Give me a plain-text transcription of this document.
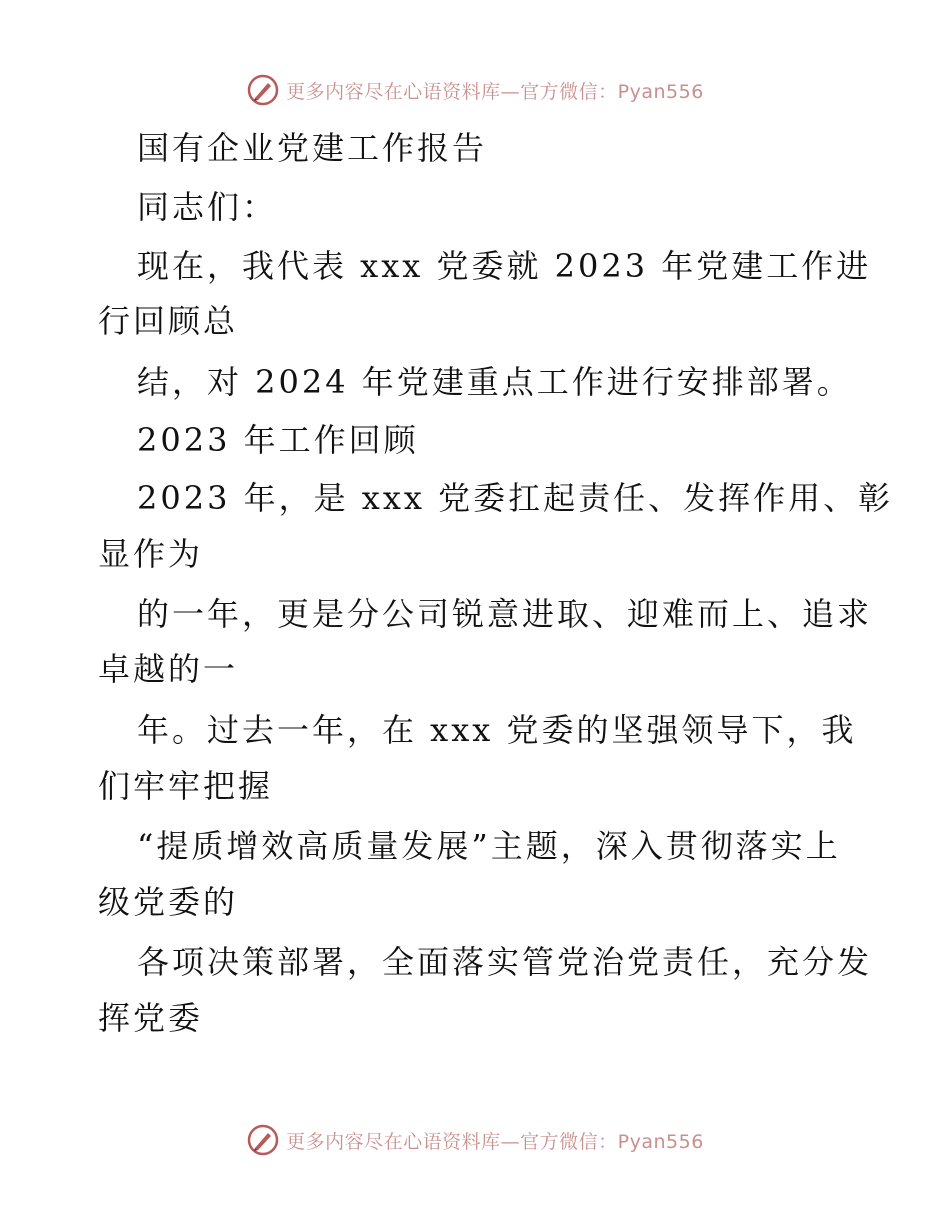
更多内容尽在心语资料库—官方微信：Pyan556
国有企业党建工作报告
同志们：
现在，我代表 xxx 党委就 2023 年党建工作进
行回顾总
结，对 2024 年党建重点工作进行安排部署。
2023 年工作回顾
2023 年，是 xxx 党委扛起责任、发挥作用、彰
显作为
的一年，更是分公司锐意进取、迎难而上、追求
卓越的一
年。过去一年，在 xxx 党委的坚强领导下，我
们牢牢把握
“提质增效高质量发展”主题，深入贯彻落实上
级党委的
各项决策部署，全面落实管党治党责任，充分发
挥党委
更多内容尽在心语资料库—官方微信：Pyan556
